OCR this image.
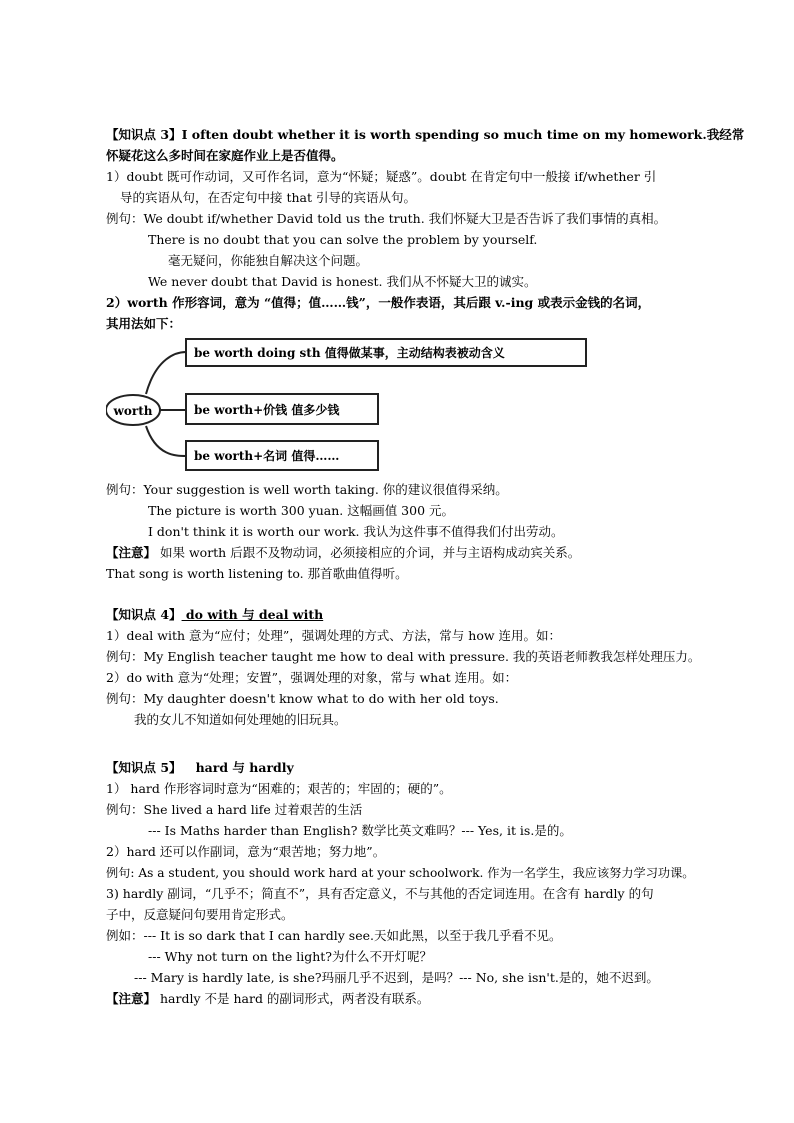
【知识点 3】I often doubt whether it is worth spending so much time on my homework.我经常
怀疑花这么多时间在家庭作业上是否值得。
1）doubt 既可作动词，又可作名词，意为“怀疑；疑惑”。doubt 在肯定句中一般接 if/whether 引
导的宾语从句，在否定句中接 that 引导的宾语从句。
例句：We doubt if/whether David told us the truth. 我们怀疑大卫是否告诉了我们事情的真相。
There is no doubt that you can solve the problem by yourself.
毫无疑问，你能独自解决这个问题。
We never doubt that David is honest. 我们从不怀疑大卫的诚实。
2）worth 作形容词，意为 “值得；值……钱”，一般作表语，其后跟 v.-ing 或表示金钱的名词，
其用法如下：
worth
be worth doing sth 值得做某事，主动结构表被动含义
be worth+价钱 值多少钱
be worth+名词 值得……
例句：Your suggestion is well worth taking. 你的建议很值得采纳。
The picture is worth 300 yuan. 这幅画值 300 元。
I don't think it is worth our work. 我认为这件事不值得我们付出劳动。
【注意】 如果 worth 后跟不及物动词，必须接相应的介词，并与主语构成动宾关系。
That song is worth listening to. 那首歌曲值得听。
【知识点 4】 do with 与 deal with
1）deal with 意为“应付；处理”，强调处理的方式、方法，常与 how 连用。如：
例句：My English teacher taught me how to deal with pressure. 我的英语老师教我怎样处理压力。
2）do with 意为“处理；安置”，强调处理的对象，常与 what 连用。如：
例句：My daughter doesn't know what to do with her old toys.
我的女儿不知道如何处理她的旧玩具。
【知识点 5】 hard 与 hardly
1） hard 作形容词时意为“困难的；艰苦的；牢固的；硬的”。
例句：She lived a hard life 过着艰苦的生活
--- Is Maths harder than English? 数学比英文难吗？--- Yes, it is.是的。
2）hard 还可以作副词，意为“艰苦地；努力地”。
例句: As a student, you should work hard at your schoolwork. 作为一名学生，我应该努力学习功课。
3) hardly 副词，“几乎不；简直不”，具有否定意义，不与其他的否定词连用。在含有 hardly 的句
子中，反意疑问句要用肯定形式。
例如：--- It is so dark that I can hardly see.天如此黑，以至于我几乎看不见。
--- Why not turn on the light?为什么不开灯呢？
--- Mary is hardly late, is she?玛丽几乎不迟到，是吗？--- No, she isn't.是的，她不迟到。
【注意】 hardly 不是 hard 的副词形式，两者没有联系。
